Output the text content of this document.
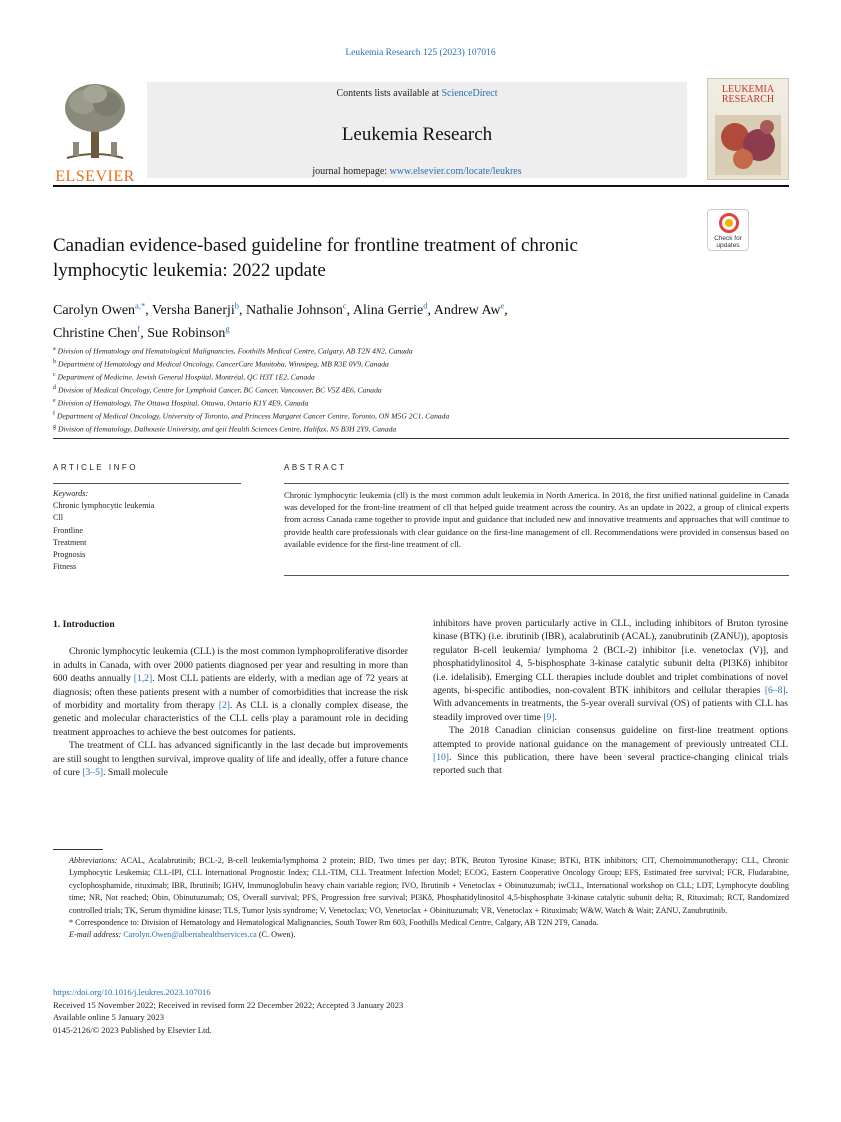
Leukemia Research 125 (2023) 107016
ELSEVIER
Contents lists available at ScienceDirect
Leukemia Research
journal homepage: www.elsevier.com/locate/leukres
LEUKEMIA
RESEARCH
Canadian evidence-based guideline for frontline treatment of chronic
lymphocytic leukemia: 2022 update
Check for
updates
Carolyn Owen$^{a,*}$, Versha Banerji$^b$, Nathalie Johnson$^c$, Alina Gerrie$^d$, Andrew Aw$^e$,
Christine Chen$^f$, Sue Robinson$^g$
$^a$ Division of Hematology and Hematological Malignancies, Foothills Medical Centre, Calgary, AB T2N 4N2, Canada
$^b$ Department of Hematology and Medical Oncology, CancerCare Manitoba, Winnipeg, MB R3E 0V9, Canada
$^c$ Department of Medicine, Jewish General Hospital, Montréal, QC H3T 1E2, Canada
$^d$ Division of Medical Oncology, Centre for Lymphoid Cancer, BC Cancer, Vancouver, BC V5Z 4E6, Canada
$^e$ Division of Hematology, The Ottawa Hospital, Ottawa, Ontario K1Y 4E9, Canada
$^f$ Department of Medical Oncology, University of Toronto, and Princess Margaret Cancer Centre, Toronto, ON M5G 2C1, Canada
$^g$ Division of Hematology, Dalhousie University, and qeii Health Sciences Centre, Halifax, NS B3H 2Y9, Canada
ARTICLE INFO	ABSTRACT
Keywords:
Chronic lymphocytic leukemia
Cll
Frontline
Treatment
Prognosis
Fitness
Chronic lymphocytic leukemia (cll) is the most common adult leukemia in North America. In 2018, the first unified national guideline in Canada was developed for the front-line treatment of cll that helped guide treatment across the country. As an update in 2022, a group of clinical experts from across Canada came together to provide input and guidance that included new and innovative treatments and approaches that will continue to provide health care professionals with clear guidance on the first-line management of cll. Recommendations were provided in consensus based on available evidence for the first-line treatment of cll.
1. Introduction

Chronic lymphocytic leukemia (CLL) is the most common lymphoproliferative disorder in adults in Canada, with over 2000 patients diagnosed per year and resulting in more than 600 deaths annually [1,2]. Most CLL patients are elderly, with a median age of 72 years at diagnosis; often these patients present with a number of comorbidities that increase the risk of morbidity and mortality from therapy [2]. As CLL is a clonally complex disease, the genetic and molecular characteristics of the CLL cells play a paramount role in deciding treatment approaches to achieve the best outcomes for patients.

The treatment of CLL has advanced significantly in the last decade but improvements are still sought to lengthen survival, improve quality of life and ideally, offer a future chance of cure [3–5]. Small molecule

inhibitors have proven particularly active in CLL, including inhibitors of Bruton tyrosine kinase (BTK) (i.e. ibrutinib (IBR), acalabrutinib (ACAL), zanubrutinib (ZANU)), apoptosis regulator B-cell leukemia/ lymphoma 2 (BCL-2) inhibitor [i.e. venetoclax (V)], and phosphatidylinositol 4, 5-bisphosphate 3-kinase catalytic subunit delta (PI3Kδ) inhibitor (i.e. idelalisib). Emerging CLL therapies include doublet and triplet combinations of novel agents, bi-specific antibodies, non-covalent BTK inhibitors and cellular therapies [6–8]. With advancements in treatments, the 5-year overall survival (OS) of patients with CLL has steadily improved over time [9].

The 2018 Canadian clinician consensus guideline on first-line treatment options attempted to provide national guidance on the management of previously untreated CLL [10]. Since this publication, there have been several practice-changing clinical trials reported such that

Abbreviations: ACAL, Acalabrutinib; BCL-2, B-cell leukemia/lymphoma 2 protein; BID, Two times per day; BTK, Bruton Tyrosine Kinase; BTKi, BTK inhibitors; CIT, Chemoimmunotherapy; CLL, Chronic Lymphocytic Leukemia; CLL-IPI, CLL International Prognostic Index; CLL-TIM, CLL Treatment Infection Model; ECOG, Eastern Cooperative Oncology Group; EFS, Estimated free survival; FCR, Fludarabine, cyclophosphamide, rituximab; IBR, Ibrutinib; IGHV, Immunoglobulin heavy chain variable region; IVO, Ibrutinib + Venetoclax + Obinutuzumab; iwCLL, International workshop on CLL; LDT, Lymphocyte doubling time; NR, Not reached; Obin, Obinutuzumab; OS, Overall survival; PFS, Progression free survival; PI3Kδ, Phosphatidylinositol 4,5-bisphosphate 3-kinase catalytic subunit delta; R, Rituximab; RCT, Randomized controlled trials; TK, Serum thymidine kinase; TLS, Tumor lysis syndrome; V, Venetoclax; VO, Venetoclax + Obinituzumab; VR, Venetoclax + Rituximab; W&W, Watch & Wait; ZANU, Zanubrutinib.
* Correspondence to: Division of Hematology and Hematological Malignancies, South Tower Rm 603, Foothills Medical Centre, Calgary, AB T2N 2T9, Canada.
E-mail address: Carolyn.Owen@albertahealthservices.ca (C. Owen).
https://doi.org/10.1016/j.leukres.2023.107016
Received 15 November 2022; Received in revised form 22 December 2022; Accepted 3 January 2023
Available online 5 January 2023
0145-2126/© 2023 Published by Elsevier Ltd.
